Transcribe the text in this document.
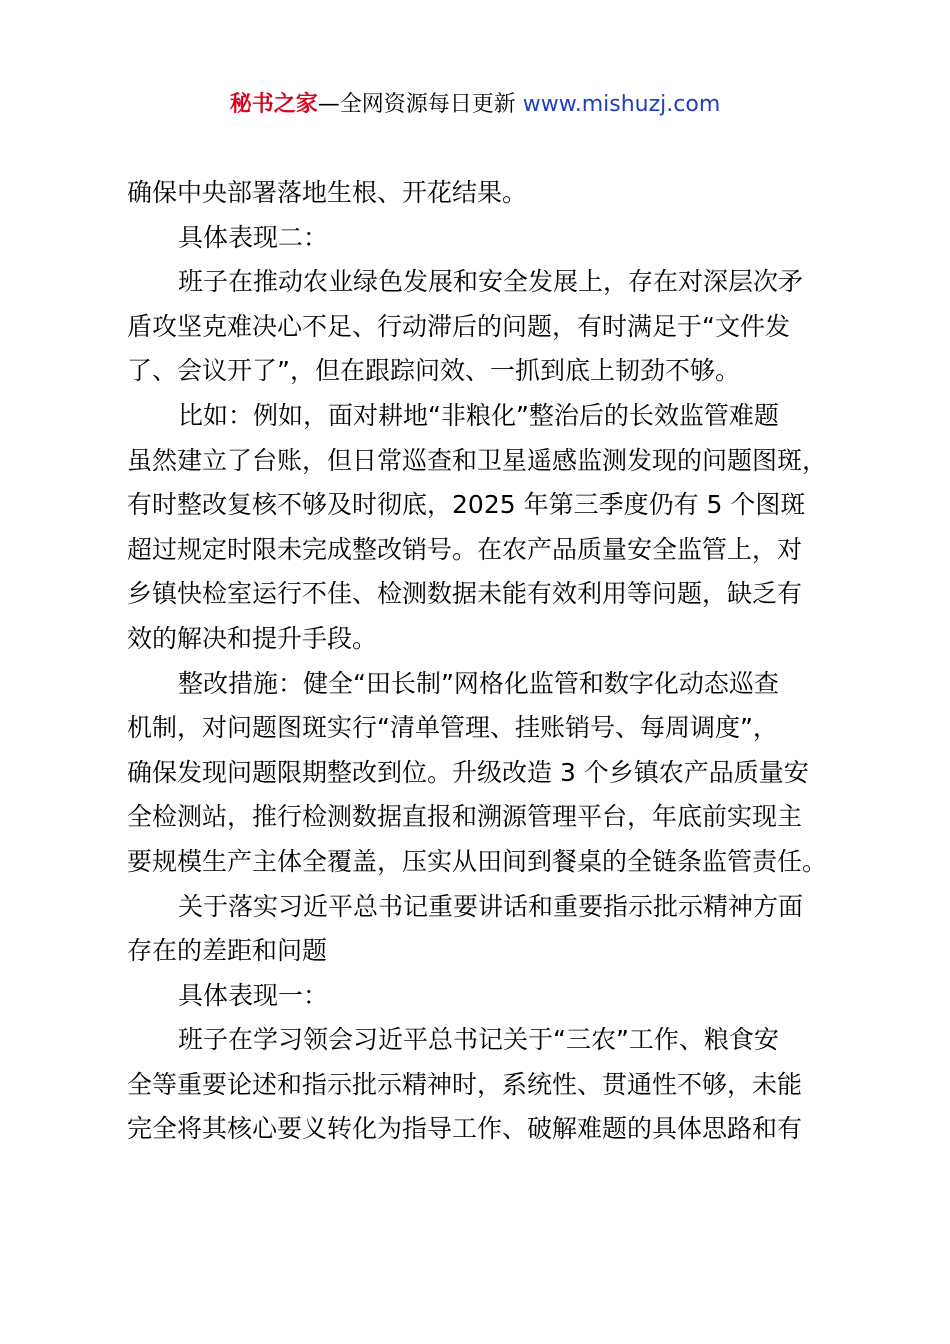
秘书之家—全网资源每日更新 www.mishuzj.com
确保中央部署落地生根、开花结果。
具体表现二：
班子在推动农业绿色发展和安全发展上，存在对深层次矛
盾攻坚克难决心不足、行动滞后的问题，有时满足于“文件发
了、会议开了”，但在跟踪问效、一抓到底上韧劲不够。
比如：例如，面对耕地“非粮化”整治后的长效监管难题
虽然建立了台账，但日常巡查和卫星遥感监测发现的问题图斑，
有时整改复核不够及时彻底，2025 年第三季度仍有 5 个图斑
超过规定时限未完成整改销号。在农产品质量安全监管上，对
乡镇快检室运行不佳、检测数据未能有效利用等问题，缺乏有
效的解决和提升手段。
整改措施：健全“田长制”网格化监管和数字化动态巡查
机制，对问题图斑实行“清单管理、挂账销号、每周调度”，
确保发现问题限期整改到位。升级改造 3 个乡镇农产品质量安
全检测站，推行检测数据直报和溯源管理平台，年底前实现主
要规模生产主体全覆盖，压实从田间到餐桌的全链条监管责任。
关于落实习近平总书记重要讲话和重要指示批示精神方面
存在的差距和问题
具体表现一：
班子在学习领会习近平总书记关于“三农”工作、粮食安
全等重要论述和指示批示精神时，系统性、贯通性不够，未能
完全将其核心要义转化为指导工作、破解难题的具体思路和有
